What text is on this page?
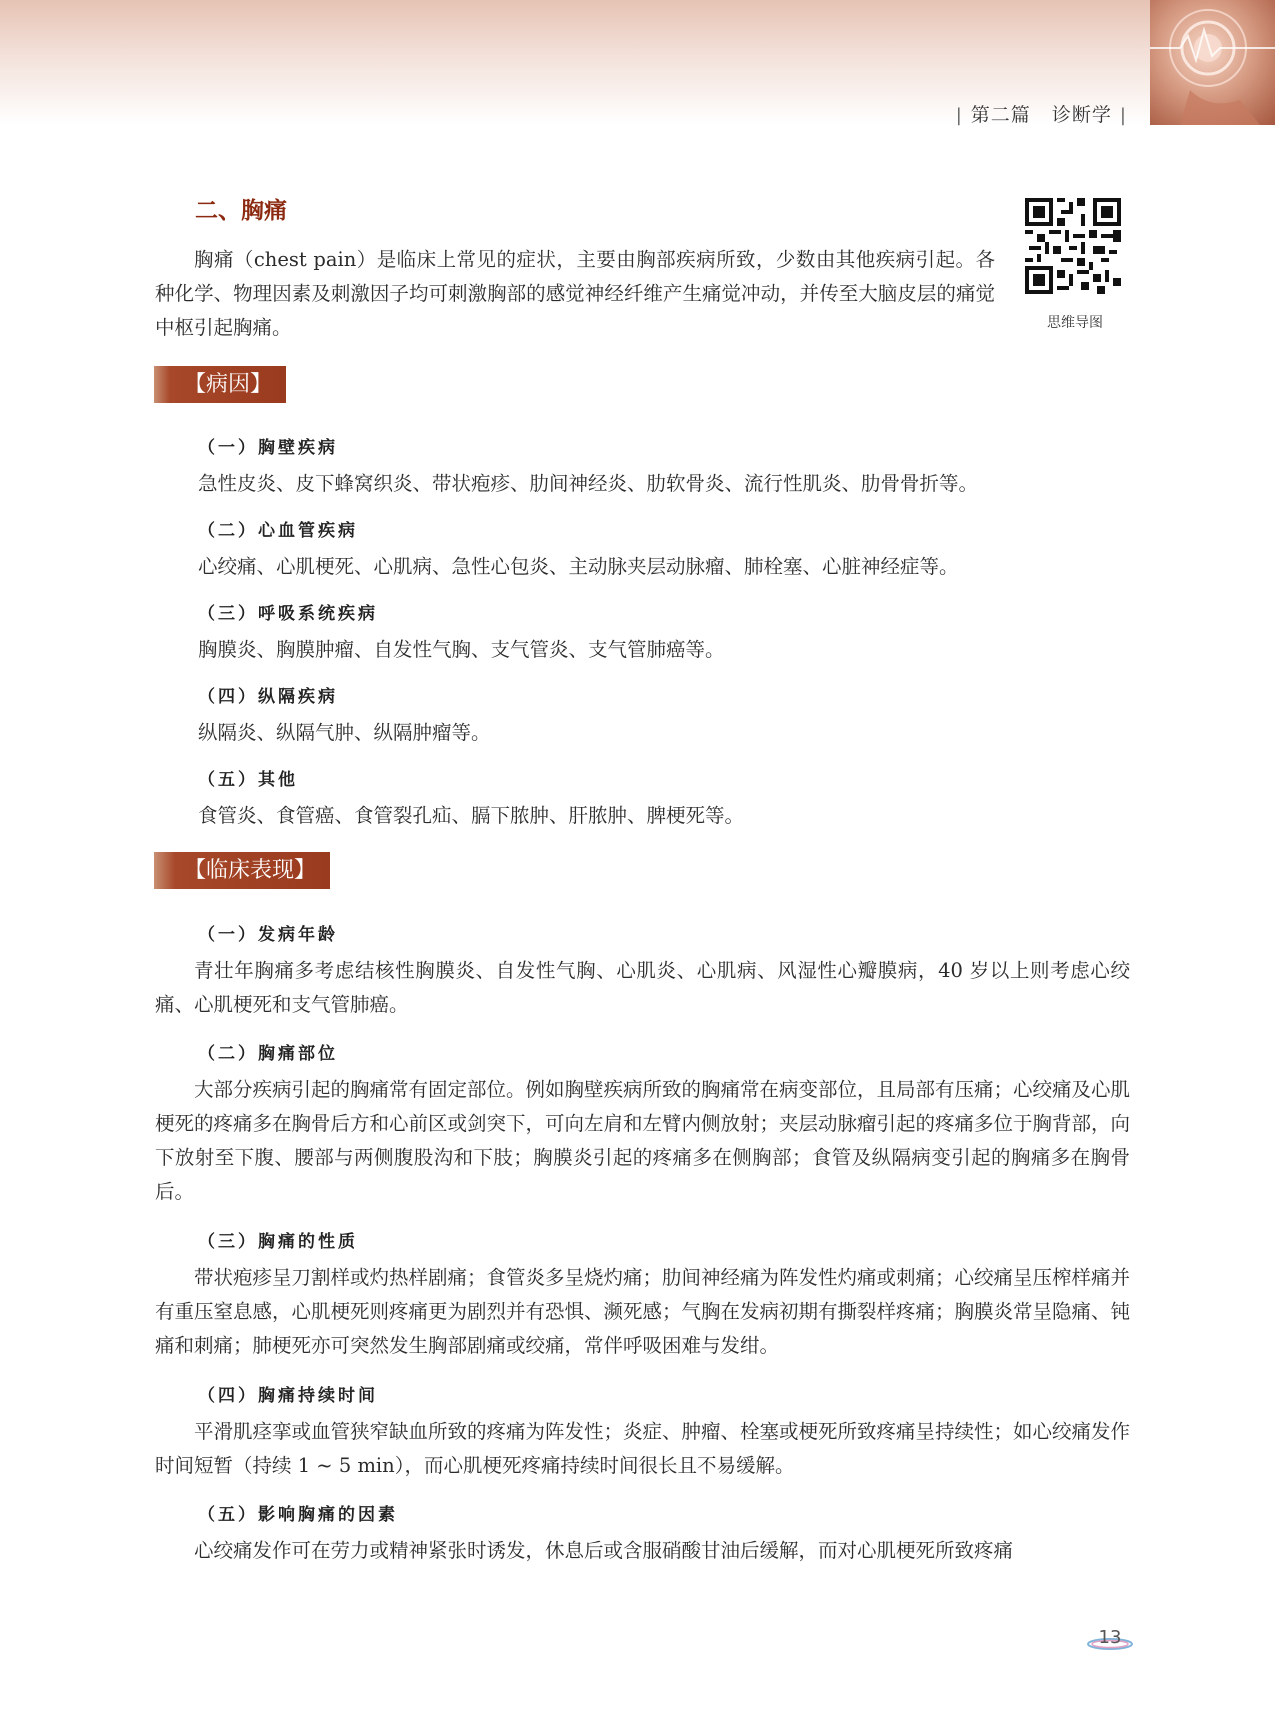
| 第二篇 诊断学 |
二、胸痛
胸痛（chest pain）是临床上常见的症状，主要由胸部疾病所致，少数由其他疾病引起。各种化学、物理因素及刺激因子均可刺激胸部的感觉神经纤维产生痛觉冲动，并传至大脑皮层的痛觉中枢引起胸痛。	思维导图
【病因】
（一）胸壁疾病
急性皮炎、皮下蜂窝织炎、带状疱疹、肋间神经炎、肋软骨炎、流行性肌炎、肋骨骨折等。
（二）心血管疾病
心绞痛、心肌梗死、心肌病、急性心包炎、主动脉夹层动脉瘤、肺栓塞、心脏神经症等。
（三）呼吸系统疾病
胸膜炎、胸膜肿瘤、自发性气胸、支气管炎、支气管肺癌等。
（四）纵隔疾病
纵隔炎、纵隔气肿、纵隔肿瘤等。
（五）其他
食管炎、食管癌、食管裂孔疝、膈下脓肿、肝脓肿、脾梗死等。
【临床表现】
（一）发病年龄
青壮年胸痛多考虑结核性胸膜炎、自发性气胸、心肌炎、心肌病、风湿性心瓣膜病，40 岁以上则考虑心绞痛、心肌梗死和支气管肺癌。
（二）胸痛部位
大部分疾病引起的胸痛常有固定部位。例如胸壁疾病所致的胸痛常在病变部位，且局部有压痛；心绞痛及心肌梗死的疼痛多在胸骨后方和心前区或剑突下，可向左肩和左臂内侧放射；夹层动脉瘤引起的疼痛多位于胸背部，向下放射至下腹、腰部与两侧腹股沟和下肢；胸膜炎引起的疼痛多在侧胸部；食管及纵隔病变引起的胸痛多在胸骨后。
（三）胸痛的性质
带状疱疹呈刀割样或灼热样剧痛；食管炎多呈烧灼痛；肋间神经痛为阵发性灼痛或刺痛；心绞痛呈压榨样痛并有重压窒息感，心肌梗死则疼痛更为剧烈并有恐惧、濒死感；气胸在发病初期有撕裂样疼痛；胸膜炎常呈隐痛、钝痛和刺痛；肺梗死亦可突然发生胸部剧痛或绞痛，常伴呼吸困难与发绀。
（四）胸痛持续时间
平滑肌痉挛或血管狭窄缺血所致的疼痛为阵发性；炎症、肿瘤、栓塞或梗死所致疼痛呈持续性；如心绞痛发作时间短暂（持续 1 ~ 5 min），而心肌梗死疼痛持续时间很长且不易缓解。
（五）影响胸痛的因素
心绞痛发作可在劳力或精神紧张时诱发，休息后或含服硝酸甘油后缓解，而对心肌梗死所致疼痛
13
